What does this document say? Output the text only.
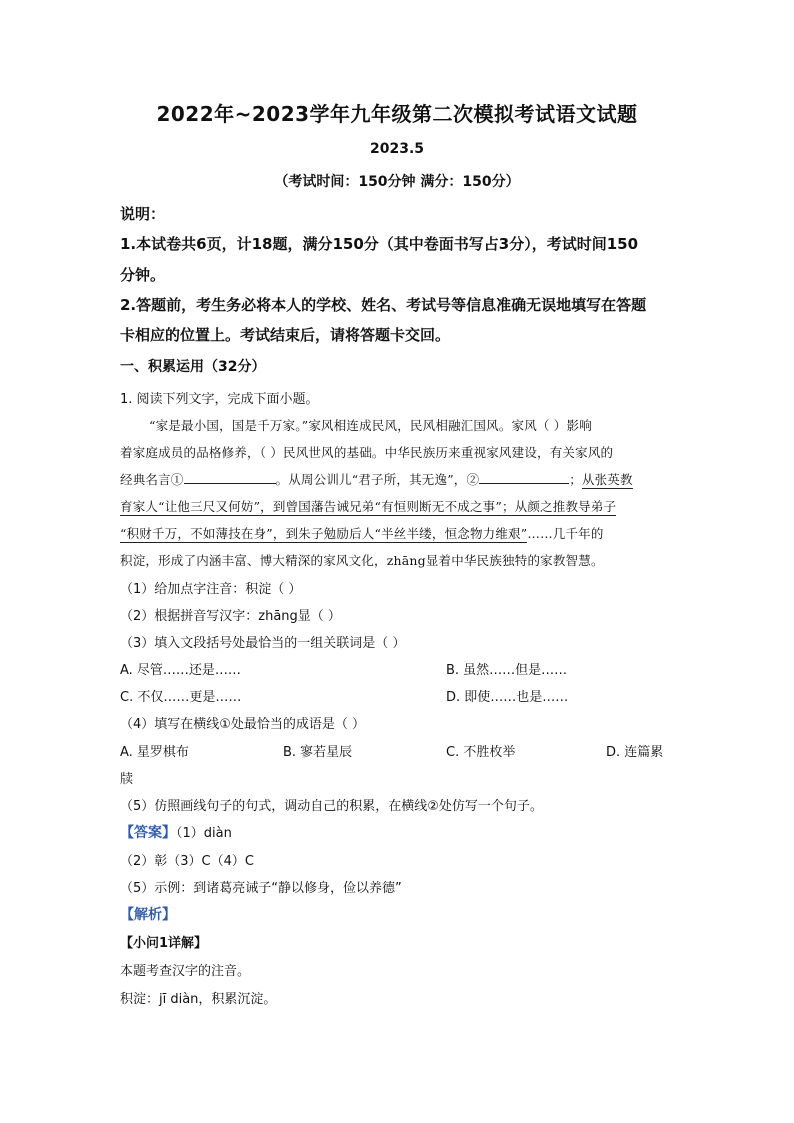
2022年~2023学年九年级第二次模拟考试语文试题
2023.5
（考试时间：150分钟 满分：150分）
说明：
1.本试卷共6页，计18题，满分150分（其中卷面书写占3分），考试时间150
分钟。
2.答题前，考生务必将本人的学校、姓名、考试号等信息准确无误地填写在答题
卡相应的位置上。考试结束后，请将答题卡交回。
一、积累运用（32分）
1. 阅读下列文字，完成下面小题。
“家是最小国，国是千万家。”家风相连成民风，民风相融汇国风。家风（ ）影响
着家庭成员的品格修养，（ ）民风世风的基础。中华民族历来重视家风建设，有关家风的
经典名言①	。从周公训儿“君子所，其无逸”，②	；从张英教
育家人“让他三尺又何妨”，到曾国藩告诫兄弟“有恒则断无不成之事”；从颜之推教导弟子
“积财千万，不如薄技在身”，到朱子勉励后人“半丝半缕，恒念物力维艰”……几千年的
积淀，形成了内涵丰富、博大精深的家风文化，zhāng显着中华民族独特的家教智慧。
（1）给加点字注音：积淀（ ）
（2）根据拼音写汉字：zhāng显（ ）
（3）填入文段括号处最恰当的一组关联词是（ ）
A. 尽管……还是……	B. 虽然……但是……
C. 不仅……更是……	D. 即使……也是……
（4）填写在横线①处最恰当的成语是（ ）
A. 星罗棋布	B. 寥若星辰	C. 不胜枚举	D. 连篇累
牍
（5）仿照画线句子的句式，调动自己的积累，在横线②处仿写一个句子。
【答案】（1）diàn
（2）彰（3）C（4）C
（5）示例：到诸葛亮诫子“静以修身，俭以养德”
【解析】
【小问1详解】
本题考查汉字的注音。
积淀：jī diàn，积累沉淀。
